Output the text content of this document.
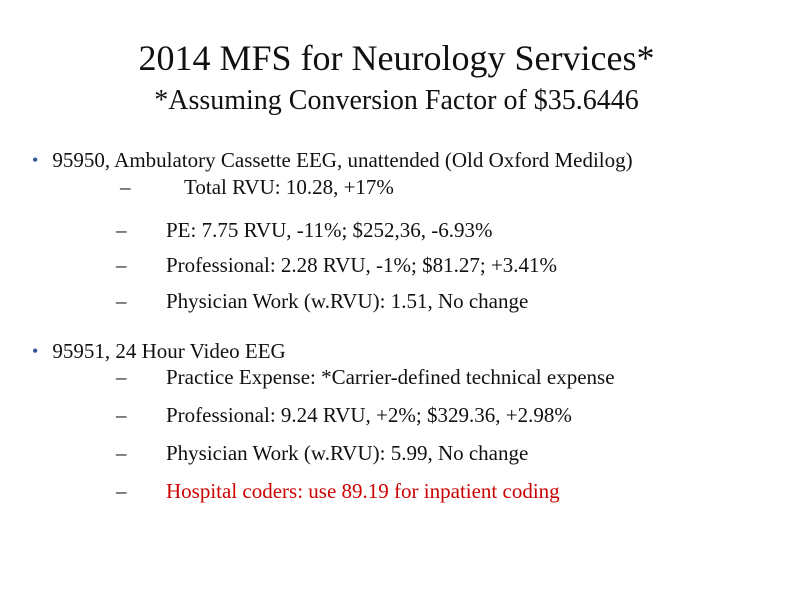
2014 MFS for Neurology Services*
*Assuming Conversion Factor of $35.6446
• 95950, Ambulatory Cassette EEG, unattended (Old Oxford Medilog)
–	Total RVU: 10.28, +17%
–	PE: 7.75 RVU, -11%; $252,36, -6.93%
–	Professional: 2.28 RVU, -1%; $81.27; +3.41%
–	Physician Work (w.RVU): 1.51, No change
• 95951, 24 Hour Video EEG
–	Practice Expense: *Carrier-defined technical expense
–	Professional: 9.24 RVU, +2%; $329.36, +2.98%
–	Physician Work (w.RVU): 5.99, No change
–	Hospital coders: use 89.19 for inpatient coding
